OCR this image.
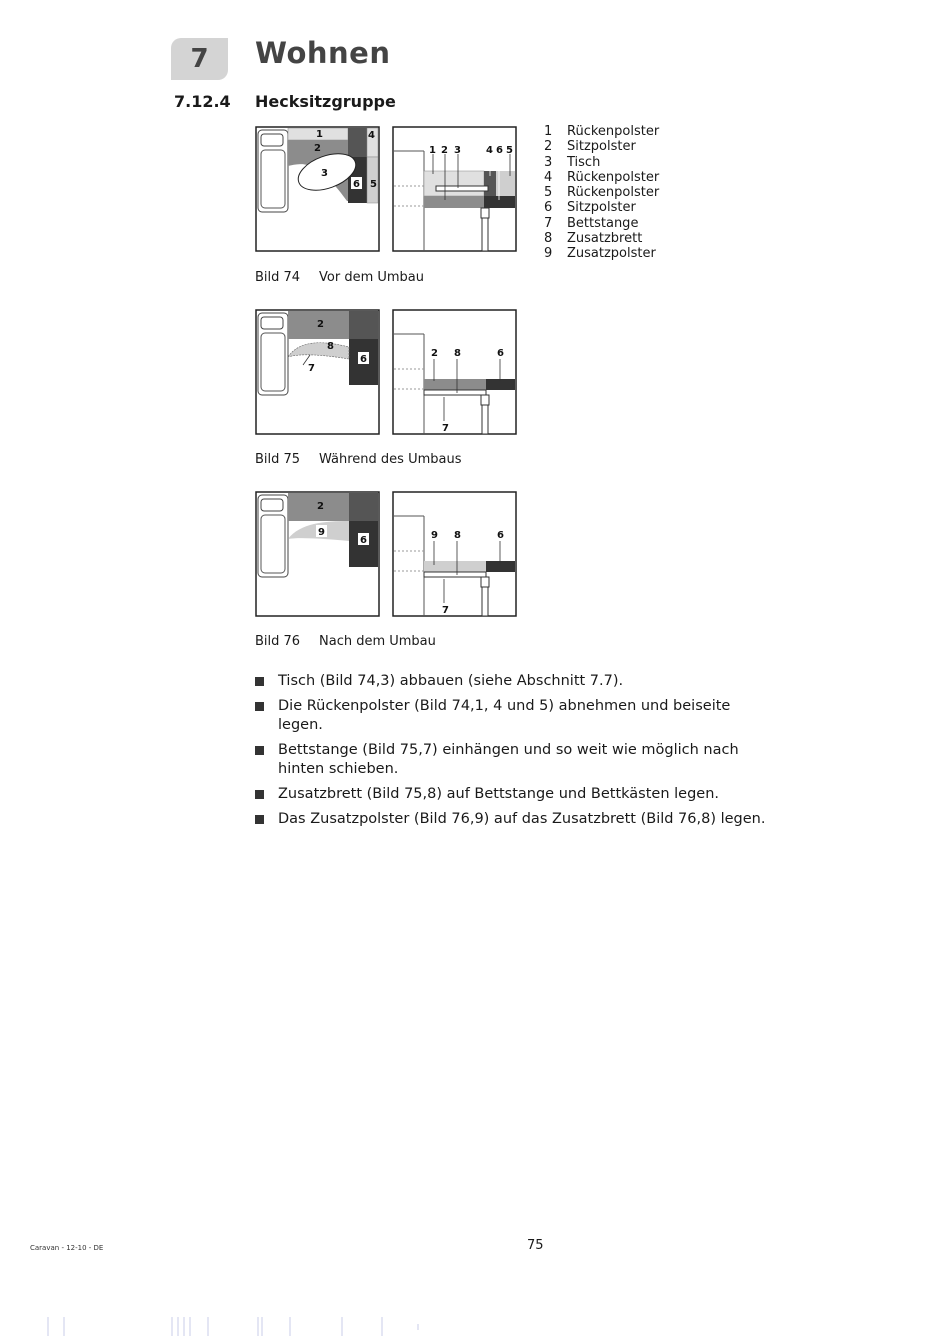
7	Wohnen
7.12.4 Hecksitzgruppe
1	Rückenpolster
2	Sitzpolster
3	Tisch
4	Rückenpolster
5	Rückenpolster
6	Sitzpolster
7	Bettstange
8	Zusatzbrett
9	Zusatzpolster
1
2
3
4
5
6
1 2 3	4 6 5
Bild 74 Vor dem Umbau
2
8
7
6
2 8	6
7
Bild 75 Während des Umbaus
2
9
6	9 8	6
7
Bild 76 Nach dem Umbau
Tisch (Bild 74,3) abbauen (siehe Abschnitt 7.7).
Die Rückenpolster (Bild 74,1, 4 und 5) abnehmen und beiseite legen.
Bettstange (Bild 75,7) einhängen und so weit wie möglich nach hinten schieben.
Zusatzbrett (Bild 75,8) auf Bettstange und Bettkästen legen.
Das Zusatzpolster (Bild 76,9) auf das Zusatzbrett (Bild 76,8) legen.
Caravan - 12-10 - DE	75
